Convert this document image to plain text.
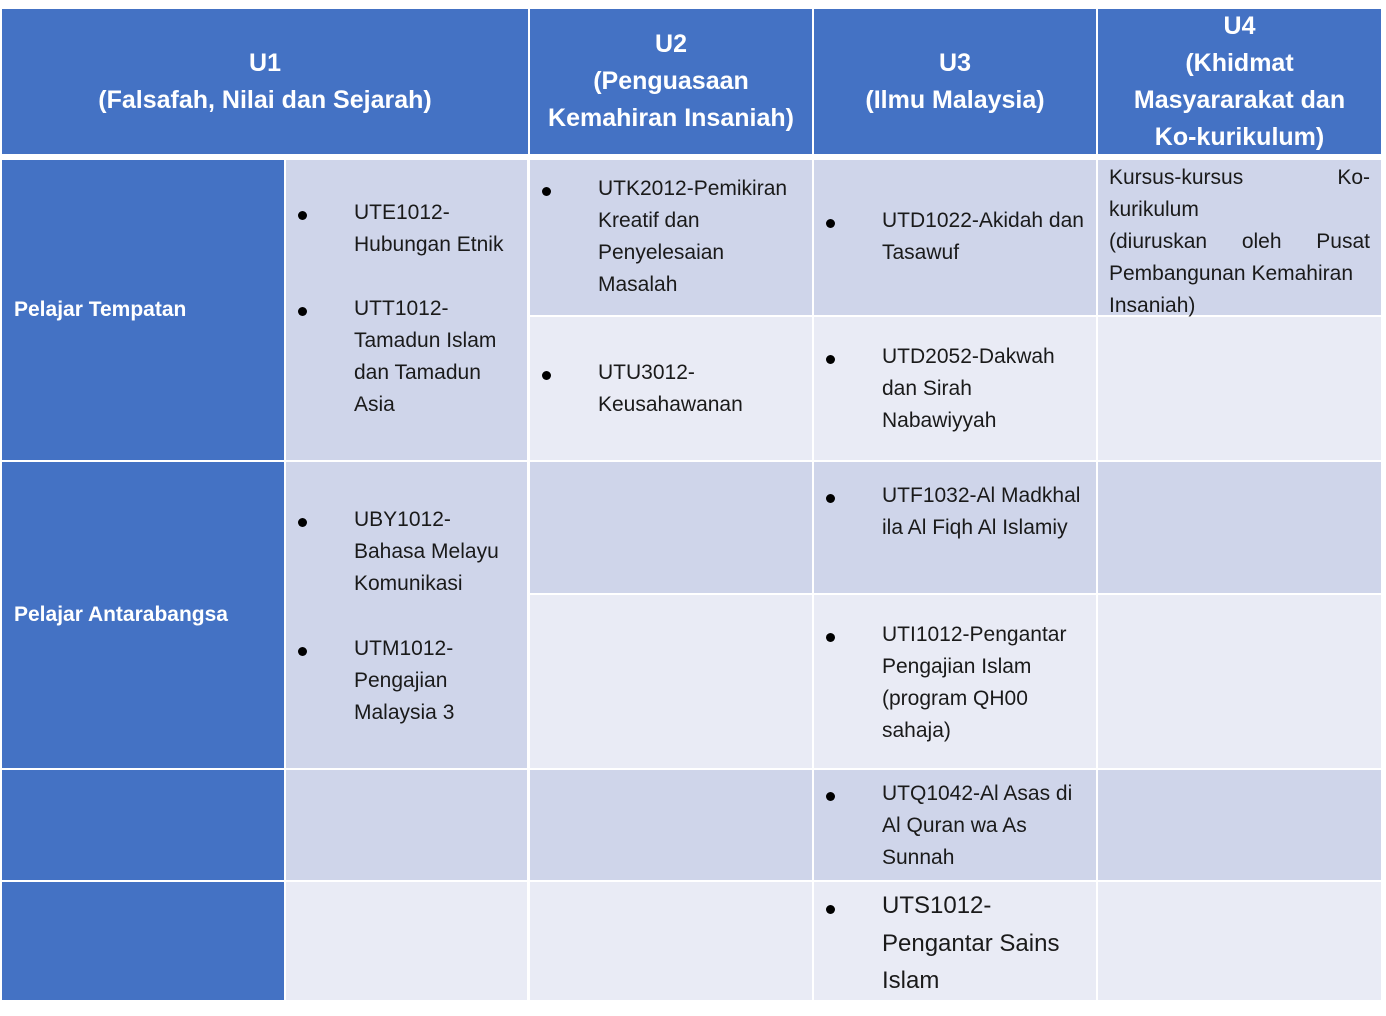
U1
(Falsafah, Nilai dan Sejarah)
U2
(Penguasaan
Kemahiran Insaniah)
U3
(Ilmu Malaysia)
U4
(Khidmat
Masyararakat dan
Ko-kurikulum)
Pelajar Tempatan
Pelajar Antarabangsa
UTE1012-Hubungan Etnik
UTT1012-Tamadun Islam dan Tamadun Asia
UBY1012-Bahasa Melayu Komunikasi
UTM1012-Pengajian Malaysia 3
UTK2012-Pemikiran Kreatif dan Penyelesaian Masalah
UTU3012-Keusahawanan
UTD1022-Akidah dan Tasawuf
UTD2052-Dakwah dan Sirah Nabawiyyah
UTF1032-Al Madkhal ila Al Fiqh Al Islamiy
UTI1012-Pengantar Pengajian Islam (program QH00 sahaja)
UTQ1042-Al Asas di Al Quran wa As Sunnah
UTS1012-Pengantar Sains Islam
Kursus-kursus	Ko-
kurikulum
(diuruskan oleh Pusat
Pembangunan Kemahiran
Insaniah)
